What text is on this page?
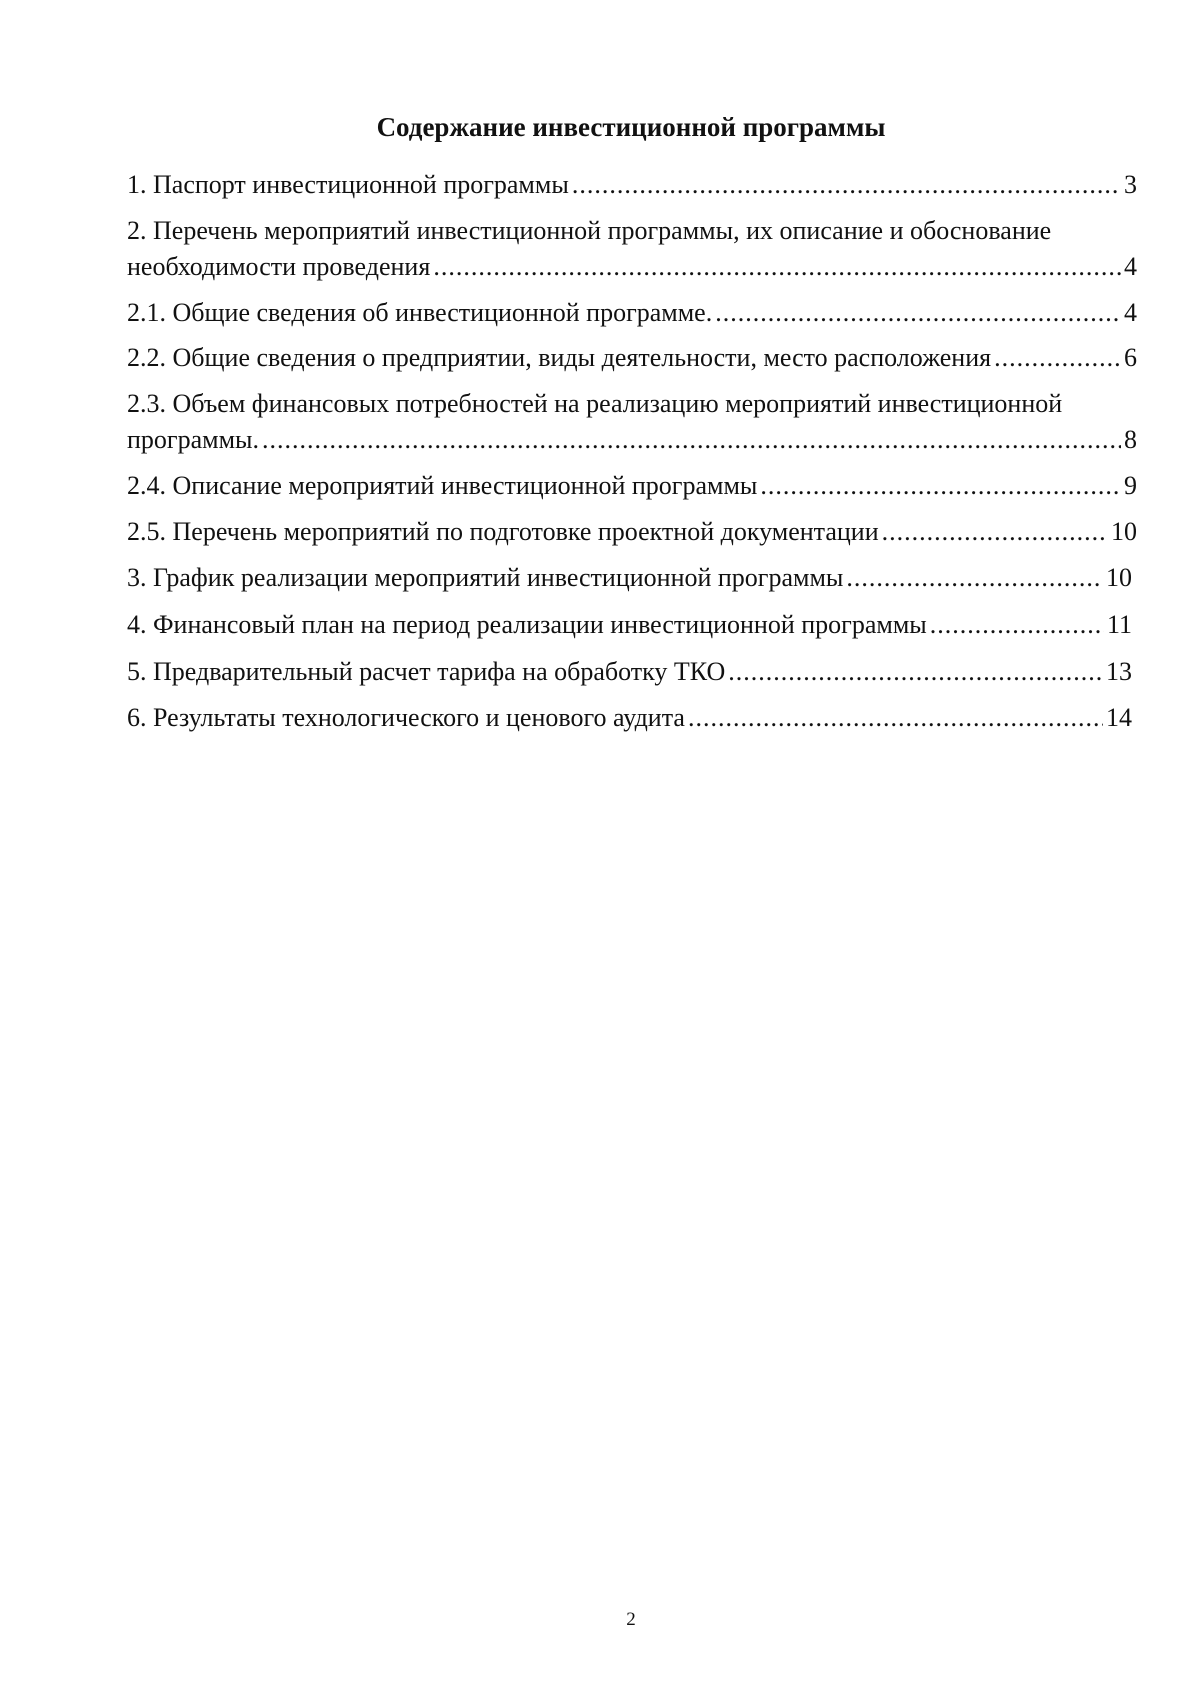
Содержание инвестиционной программы
1. Паспорт инвестиционной программы .....	3
2. Перечень мероприятий инвестиционной программы, их описание и обоснование
необходимости проведения .....	4
2.1. Общие сведения об инвестиционной программе. .....	4
2.2. Общие сведения о предприятии, виды деятельности, место расположения .....	6
2.3. Объем финансовых потребностей на реализацию мероприятий инвестиционной
программы. .....	8
2.4. Описание мероприятий инвестиционной программы .....	9
2.5. Перечень мероприятий по подготовке проектной документации .....	10
3. График реализации мероприятий инвестиционной программы .....	10
4. Финансовый план на период реализации инвестиционной программы .....	11
5. Предварительный расчет тарифа на обработку ТКО .....	13
6. Результаты технологического и ценового аудита .....	14
2
